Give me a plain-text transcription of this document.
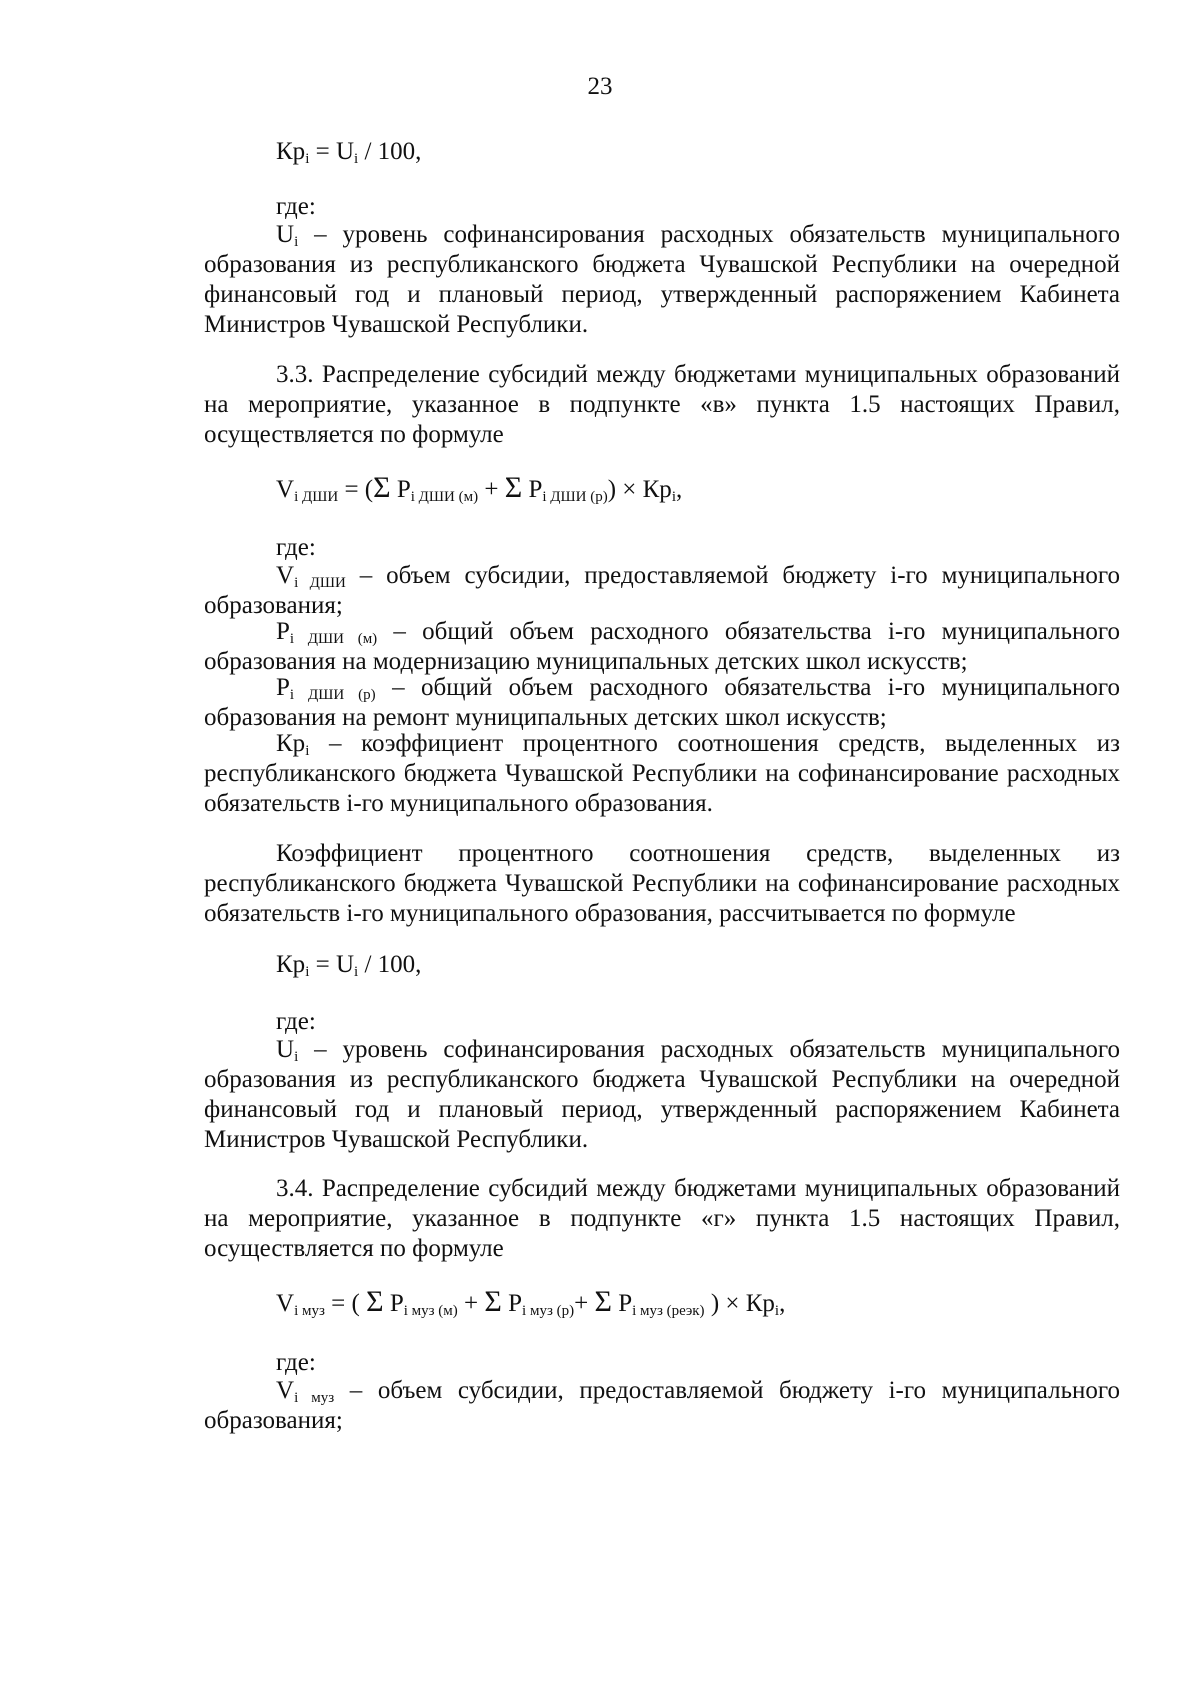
23
$Кр_i = U_i / 100$,
где:

$U_i$ – уровень софинансирования расходных обязательств муниципального образования из республиканского бюджета Чувашской Республики на очередной финансовый год и плановый период, утвержденный распоряжением Кабинета Министров Чувашской Республики.

3.3. Распределение субсидий между бюджетами муниципальных образований на мероприятие, указанное в подпункте «в» пункта 1.5 настоящих Правил, осуществляется по формуле

$V_{i ДШИ} = (\Sigma$ $P_{i ДШИ (м)} + \Sigma$ $P_{i ДШИ (р)}) \times Кр_i$,
где:

$V_{i ДШИ}$ – объем субсидии, предоставляемой бюджету i-го муниципального образования;

$P_{i ДШИ (м)}$ – общий объем расходного обязательства i-го муниципального образования на модернизацию муниципальных детских школ искусств;

$P_{i ДШИ (р)}$ – общий объем расходного обязательства i-го муниципального образования на ремонт муниципальных детских школ искусств;

$Кр_i$ – коэффициент процентного соотношения средств, выделенных из республиканского бюджета Чувашской Республики на софинансирование расходных обязательств i-го муниципального образования.

Коэффициент процентного соотношения средств, выделенных из республиканского бюджета Чувашской Республики на софинансирование расходных обязательств i-го муниципального образования, рассчитывается по формуле

$Кр_i = U_i / 100$,
где:

$U_i$ – уровень софинансирования расходных обязательств муниципального образования из республиканского бюджета Чувашской Республики на очередной финансовый год и плановый период, утвержденный распоряжением Кабинета Министров Чувашской Республики.

3.4. Распределение субсидий между бюджетами муниципальных образований на мероприятие, указанное в подпункте «г» пункта 1.5 настоящих Правил, осуществляется по формуле

$V_{i муз}$ = ( Σ $P_{i муз (м)} + \Sigma$ $P_{i муз (р)}+ \Sigma$ $P_{i муз (реэк)}$ ) × $Кр_i$,
где:

$V_{i муз}$ – объем субсидии, предоставляемой бюджету i-го муниципального образования;
